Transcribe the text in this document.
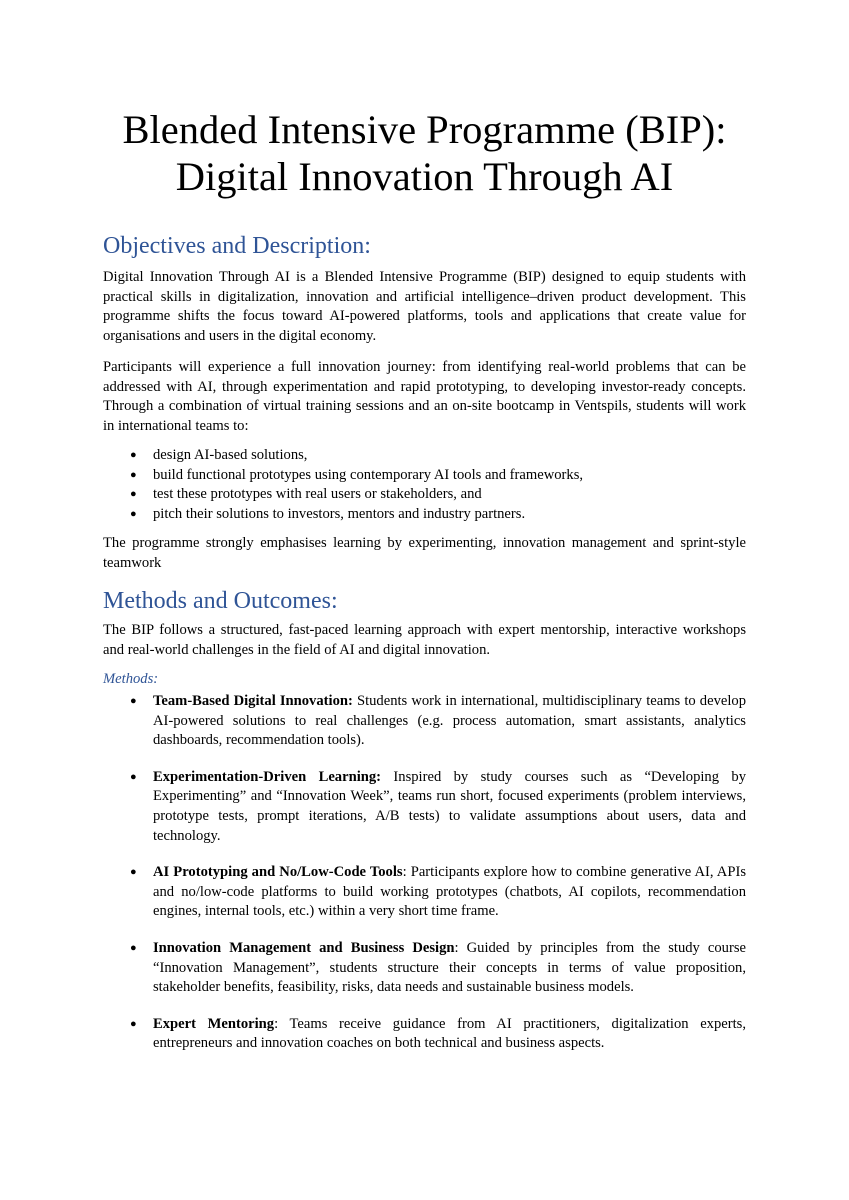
Blended Intensive Programme (BIP):
Digital Innovation Through AI
Objectives and Description:

Digital Innovation Through AI is a Blended Intensive Programme (BIP) designed to equip students with practical skills in digitalization, innovation and artificial intelligence–driven product development. This programme shifts the focus toward AI-powered platforms, tools and applications that create value for organisations and users in the digital economy.

Participants will experience a full innovation journey: from identifying real-world problems that can be addressed with AI, through experimentation and rapid prototyping, to developing investor-ready concepts. Through a combination of virtual training sessions and an on-site bootcamp in Ventspils, students will work in international teams to:

● design AI-based solutions,
● build functional prototypes using contemporary AI tools and frameworks,
● test these prototypes with real users or stakeholders, and
● pitch their solutions to investors, mentors and industry partners.

The programme strongly emphasises learning by experimenting, innovation management and sprint-style teamwork

Methods and Outcomes:

The BIP follows a structured, fast-paced learning approach with expert mentorship, interactive workshops and real-world challenges in the field of AI and digital innovation.

Methods:
● Team-Based Digital Innovation: Students work in international, multidisciplinary teams to develop AI-powered solutions to real challenges (e.g. process automation, smart assistants, analytics dashboards, recommendation tools).
● Experimentation-Driven Learning: Inspired by study courses such as “Developing by Experimenting” and “Innovation Week”, teams run short, focused experiments (problem interviews, prototype tests, prompt iterations, A/B tests) to validate assumptions about users, data and technology.
● AI Prototyping and No/Low-Code Tools: Participants explore how to combine generative AI, APIs and no/low-code platforms to build working prototypes (chatbots, AI copilots, recommendation engines, internal tools, etc.) within a very short time frame.
● Innovation Management and Business Design: Guided by principles from the study course “Innovation Management”, students structure their concepts in terms of value proposition, stakeholder benefits, feasibility, risks, data needs and sustainable business models.
● Expert Mentoring: Teams receive guidance from AI practitioners, digitalization experts, entrepreneurs and innovation coaches on both technical and business aspects.
